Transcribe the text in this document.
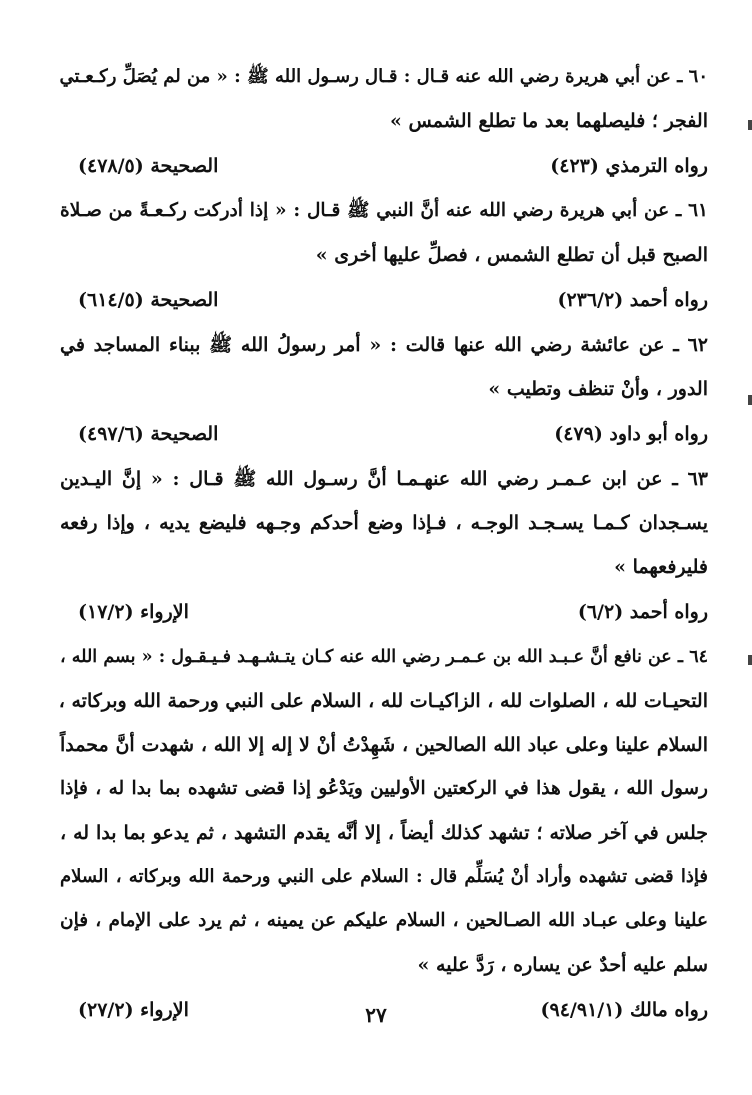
٦٠ ـ عن أبي هريرة رضي الله عنه قـال : قـال رسـول الله ﷺ : « من لم يُصَلِّ ركـعـتي
الفجر ؛ فليصلهما بعد ما تطلع الشمس »
رواه الترمذي (٤٢٣)
الصحيحة (٤٧٨/٥)
٦١ ـ عن أبي هريرة رضي الله عنه أنَّ النبي ﷺ قـال : « إذا أدركت ركـعـةً من صـلاة
الصبح قبل أن تطلع الشمس ، فصلِّ عليها أخرى »
رواه أحمد (٢٣٦/٢)
الصحيحة (٦١٤/٥)
٦٢ ـ عن عائشة رضي الله عنها قالت : « أمر رسولُ الله ﷺ ببناء المساجد في
الدور ، وأنْ تنظف وتطيب »
رواه أبو داود (٤٧٩)
الصحيحة (٤٩٧/٦)
٦٣ ـ عن ابن عـمـر رضي الله عنهـمـا أنَّ رسـول الله ﷺ قـال : « إنَّ اليـدين
يسـجدان كـمـا يسـجـد الوجـه ، فـإذا وضع أحدكم وجـهه فليضع يديه ، وإذا رفعه
فليرفعهما »
رواه أحمد (٦/٢)
الإرواء (١٧/٢)
٦٤ ـ عن نافع أنَّ عـبـد الله بن عـمـر رضي الله عنه كـان يتـشـهـد فـيـقـول : « بسم الله ،
التحيـات لله ، الصلوات لله ، الزاكيـات لله ، السلام على النبي ورحمة الله وبركاته ،
السلام علينا وعلى عباد الله الصالحين ، شَهِدْتُ أنْ لا إله إلا الله ، شهدت أنَّ محمداً
رسول الله ، يقول هذا في الركعتين الأوليين ويَدْعُو إذا قضى تشهده بما بدا له ، فإذا
جلس في آخر صلاته ؛ تشهد كذلك أيضاً ، إلا أنَّه يقدم التشهد ، ثم يدعو بما بدا له ،
فإذا قضى تشهده وأراد أنْ يُسَلِّم قال : السلام على النبي ورحمة الله وبركاته ، السلام
علينا وعلى عبـاد الله الصـالحين ، السلام عليكم عن يمينه ، ثم يرد على الإمام ، فإن
سلم عليه أحدٌ عن يساره ، رَدَّ عليه »
رواه مالك (٩٤/٩١/١)
الإرواء (٢٧/٢)	٢٧
